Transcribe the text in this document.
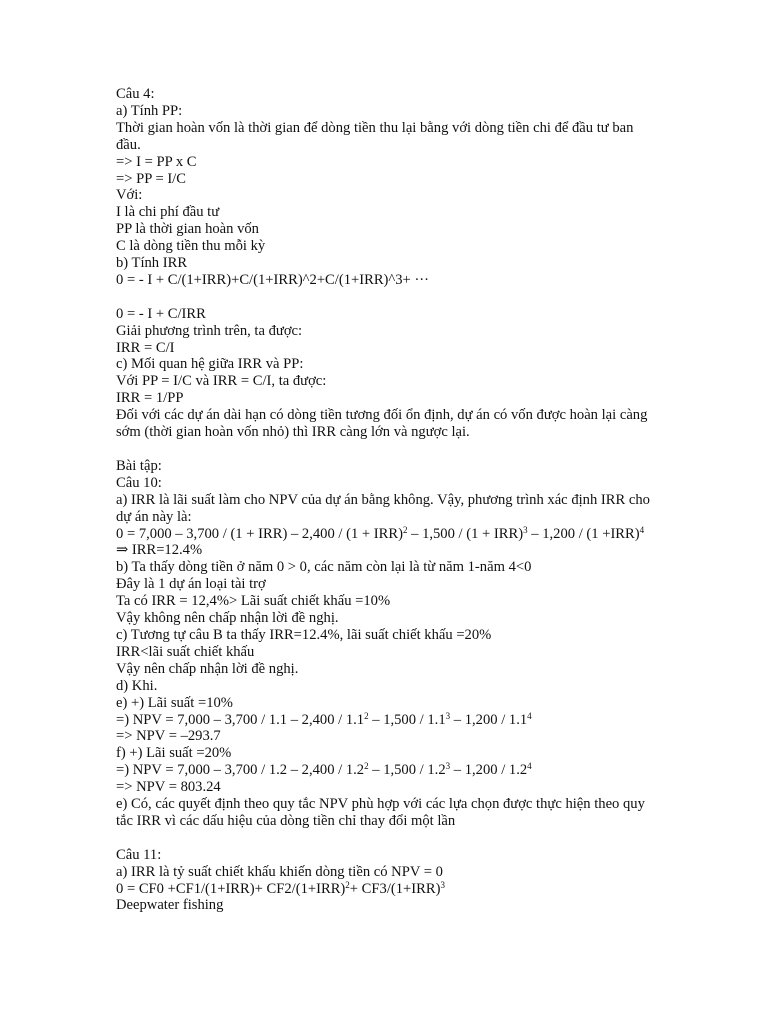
Câu 4:
a) Tính PP:
Thời gian hoàn vốn là thời gian để dòng tiền thu lại bằng với dòng tiền chi để đầu tư ban
đầu.
=> I = PP x C
=> PP = I/C
Với:
I là chi phí đầu tư
PP là thời gian hoàn vốn
C là dòng tiền thu mỗi kỳ
b) Tính IRR
0 = - I + C/(1+IRR)+C/(1+IRR)^2+C/(1+IRR)^3+ ···
0 = - I + C/IRR
Giải phương trình trên, ta được:
IRR = C/I
c) Mối quan hệ giữa IRR và PP:
Với PP = I/C và IRR = C/I, ta được:
IRR = 1/PP
Đối với các dự án dài hạn có dòng tiền tương đối ổn định, dự án có vốn được hoàn lại càng sớm (thời gian hoàn vốn nhỏ) thì IRR càng lớn và ngược lại.
Bài tập:
Câu 10:
a) IRR là lãi suất làm cho NPV của dự án bằng không. Vậy, phương trình xác định IRR cho dự án này là:
$0 = 7,000 - 3,700 / (1 + IRR) - 2,400 / (1 + IRR)^2 - 1,500 / (1 + IRR)^3 - 1,200 / (1 +IRR)^4$ ⇒ IRR=12.4%
b) Ta thấy dòng tiền ở năm 0 > 0, các năm còn lại là từ năm 1-năm 4<0
Đây là 1 dự án loại tài trợ
Ta có IRR = 12,4%> Lãi suất chiết khấu =10%
Vậy không nên chấp nhận lời đề nghị.
c) Tương tự câu B ta thấy IRR=12.4%, lãi suất chiết khấu =20%
IRR<lãi suất chiết khấu
Vậy nên chấp nhận lời đề nghị.
d) Khi.
e) +) Lãi suất =10%
=) NPV = $7,000 - 3,700 / 1.1 - 2,400 / 1.1^2 - 1,500 / 1.1^3 - 1,200 / 1.1^4$
=> NPV = –293.7
f) +) Lãi suất =20%
=) NPV = $7,000 - 3,700 / 1.2 - 2,400 / 1.2^2 - 1,500 / 1.2^3 - 1,200 / 1.2^4$
=> NPV = 803.24
e) Có, các quyết định theo quy tắc NPV phù hợp với các lựa chọn được thực hiện theo quy tắc IRR vì các dấu hiệu của dòng tiền chỉ thay đổi một lần
Câu 11:
a) IRR là tỷ suất chiết khấu khiến dòng tiền có NPV = 0
$0 = CF0 +CF1/(1+IRR)+ CF2/(1+IRR)^2+ CF3/(1+IRR)^3$
Deepwater fishing
